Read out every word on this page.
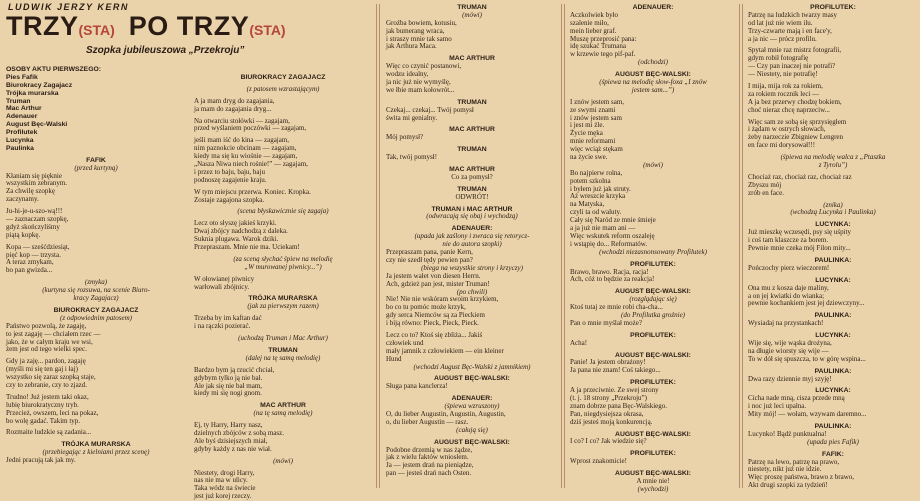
LUDWIK JERZY KERN
TRZY(STA) PO TRZY(STA)
Szopka jubileuszowa „Przekroju”
OSOBY AKTU PIERWSZEGO:
Pies Fafik
Biurokracy Zagajacz
Trójka murarska
Truman
Mac Arthur
Adenauer
August Bęc-Walski
Profilutek
Lucynka
Paulinka
FAFIK
(przed kurtyną)
Kłaniam się pięknie
wszystkim zebranym.
Za chwilę szopkę
zaczynamy.
Ju-hi-je-u-szo-wą!!!
— zaznaczam szopkę,
gdyż skończyliśmy
piątą kopkę.
Kopa — sześćdziesiąt,
pięć kop — trzysta.
A teraz zmykam,
bo pan gwizda...
(zmyka)
(kurtyna się rozsuwa, na scenie Biuro-
kracy Zagajacz)
BIUROKRACY ZAGAJACZ
(z odpowiednim patosem)
Państwo pozwolą, że zagaję,
to jest zagaję — chciałem rzec —
jako, że w całym kraju we wsi,
żem jest od tego wielki spec.
Gdy ja zaję... pardon, zagaję
(myśli mi się ten gaj i łaj)
wszystko się zaraz szopką staje,
czy to zebranie, czy to zjazd.
Trudno! Już jestem taki okaz,
lubię biurokratyczny tryb.
Przecież, owszem, leci na pokaz,
bo wolę gadać. Takim typ.
Rozmaite ludzkie są zadania...
TRÓJKA MURARSKA
(przebiegając z kielniami przez scenę)
Jedni pracują tak jak my.
BIUROKRACY ZAGAJACZ
(z patosem wzrastającym)
A ja mam dryg do zagajania,
ja mam do zagajania dryg...
Na otwarciu stołówki — zagajam,
przed wyślaniem poczówki — zagajam,
jeśli mam iść do kina — zagajam,
nim paznokcie obcinam — zagajam,
kiedy ma się ku wiośnie — zagajam,
„Nasza Niwa niech rośnie!” — zagajam,
i przez to baju, baju, baju
podnoszę zagajenie kraju.
W tym miejscu przerwa. Koniec. Kropka.
Zostaje zagajona szopka.
(scena błyskawicznie się zagaja)
Lecz oto słyszę jakieś krzyki.
Dwaj zbójcy nadchodzą z daleka.
Suknia plugawa. Warok dziki.
Przepraszam. Mnie nie ma. Uciekam!
(za sceną słychać śpiew na melodię
„W murowanej piwnicy...”)
W ołowianej piwnicy
warłowali zbójnicy.
TRÓJKA MURARSKA
(jak za pierwszym razem)
Trzeba by im kaftan dać
i na rączki pozierać.
(uchodzą Truman i Mac Arthur)
TRUMAN
(dalej na tę samą melodię)
Bardzo bym ją rzucić chciał,
gdybym tylko ją nie bał.
Ale jak się nie bał mam,
kiedy mi się nogi gnom.
MAC ARTHUR
(na tę samą melodię)
Ej, ty Harry, Harry nasz,
dzielnych zbójców z sobą masz.
Ale byś dzisiejszych miał,
gdyby każdy z nas nie wiał.
(mówi)
Niestety, drogi Harry,
nas nie ma w ulicy.
Taka wódz na świecie
jest już korej rzeczy.
TRUMAN
(mówi)
Groźba bowiem, kotusiu,
jak bumerang wraca,
i straszy mnie tak samo
jak Arthura Maca.
MAC ARTHUR
Więc co czynić postanowi,
wodzu idealny,
ja nic już nie wymyślę,
we łbie mam kołowrót...
TRUMAN
Czekaj... czekaj... Twój pomysł
świta mi genialny.
MAC ARTHUR
Mój pomysł?
TRUMAN
Tak, twój pomysł!
MAC ARTHUR
Co za pomysł?
TRUMAN
ODWRÓT!
TRUMAN i MAC ARTHUR
(odwracają się obaj i wychodzą)
ADENAUER:
(upada jak zaślony i zwraca się retorycz-
nie do autora szopki)
Przepraszam pana, panie Kern,
czy nie szedł tędy pewien pan?
(biega na wszystkie strony i krzyczy)
Ja jestem wałet von diesen Herrn.
Ach, gdzież pan jest, mister Truman!
(po chwili)
Nie! Nie nie wskóram swoim krzykiem,
bo co tu pomóc może krzyk,
gdy serca Niemców są za Pieckiem
i biją równo: Pieck, Pieck, Pieck.
Lecz co to? Ktoś się zbliża... Jakiś
człowiek und
mały jamnik z człowiekiem — ein kleiner
Hund
(wchodzi August Bęc-Walski z jamnikiem)
AUGUST BĘC-WALSKI:
Sługa pana kanclerza!
ADENAUER:
(śpiewa wzruszony)
O, du lieber Augustin, Augustin, Augustin,
o, du lieber Augustin — rasz.
(całują się)
AUGUST BĘC-WALSKI:
Podobne drzemią w nas żądze,
jak z wielu faktów wniosłem.
Ja — jestem drań na pieniądze,
pan — jesteś drań nach Osten.
ADENAUER:
Aczkolwiek było
szalenie miło,
mein lieber graf.
Muszę przeprosić pana:
idę szukać Trumana
w krzewie tego pif-paf.
(odchodzi)
AUGUST BĘC-WALSKI:
(śpiewa na melodię słow-foxa „I znów
jestem sam...”)
I znów jestem sam,
ze swymi znami
i znów jestem sam
i jest mi źle.
Życie męka
mnie reformami
więc wciąż stękam
na życie swe.
(mówi)
Bo najpierw rolna,
potem szkolna
i byłem już jak struty.
Aż wreszcie krzyka
na Matyska,
czyli ta od waluty.
Cały się Naród ze mnie śmieje
a ja już nie mam ani —
Więc wskutek reform oszaleję
i wstąpię do... Reformatów.
(wchodzi niezasnonsowany Profilutek)
PROFILUTEK:
Brawo, brawo. Racja, racja!
Ach, cóż to będzie za reakcja!
AUGUST BĘC-WALSKI:
(rozglądając się)
Ktoś tutaj ze mnie robi cha-cha...
(do Profilutka groźnie)
Pan o mnie myślał może?
PROFILUTEK:
Acha!
AUGUST BĘC-WALSKI:
Panie! Ja jestem obrażony!
Ja pana nie znam! Coś takiego...
PROFILUTEK:
A ja przeciwnie. Ze swej strony
(t. j. 18 strony „Przekroju”)
znam dobrze pana Bęc-Walskiego.
Pan, niegdysiejsza okrasa,
dziś jesteś moją konkurencją.
AUGUST BĘC-WALSKI:
I co? I co? Jak wiedzie się?
PROFILUTEK:
Wprost znakomicie!
AUGUST BĘC-WALSKI:
A mnie nie!
(wychodzi)
PROFILUTEK:
Patrzę na ludzkich twarzy masy
od lat już nie wiem ilu.
Trzy-czwarte mają i en face'y,
a ja nic — prócz profilu.
Spytał mnie raz mistrz fotografii,
gdym robił fotografię
— Czy pan inaczej nie potrafi?
— Niestety, nie potrafię!
I mija, mija rok za rokiem,
za rokiem rocznik leci —
A ja bez przerwy chodzę bokiem,
choć nieraz chcę naprzeciw...
Więc sam ze sobą się sprzysięgłem
i żądam w ostrych słowach,
żeby narzeczie Zbigniew Lengren
en face mi dorysował!!!
(śpiewa na melodię walca z „Ptaszka
z Tyrolu”)
Chociaż raz, chociaż raz, chociaż raz
Zbyszu mój
zrób en face.
(znika)
(wchodzą Lucynka i Paulinka)
LUCYNKA:
Już mieszkę wczesędi, psy się uśpity
i coś tam klaszcze za borem.
Pewnie mnie czeka mój Filon mity...
PAULINKA:
Pończochy pierz wieczorem!
LUCYNKA:
Ona mu z kosza daje maliny,
a on jej kwiatki do wianka;
pewnie kochankiem jest jej dziewczyny...
PAULINKA:
Wysiadaj na przystankach!
LUCYNKA:
Wije się, wije wąska drożyna,
na długie wiorsty się wije —
To w dół się spuszcza, to w górę wspina...
PAULINKA:
Dwa razy dziennie myj szyję!
LUCYNKA:
Cicha nade mną, cisza przede mną
i noc już leci upalna.
Mity mój! — wołam, wzywam daremno...
PAULINKA:
Lucynko! Bądź punktualna!
(upada pies Fafik)
FAFIK:
Patrzę na lewo, patrzę na prawo,
niestety, nikt już nie idzie.
Więc proszę państwa, brawo z brawo,
Akt drugi szopki za tydzień!
